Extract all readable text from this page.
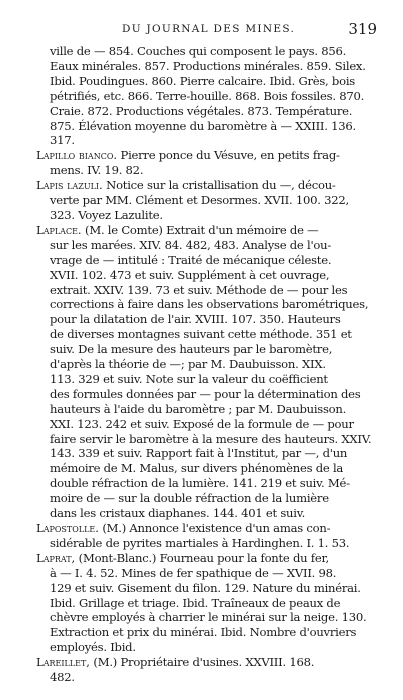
DU JOURNAL DES MINES.	319
ville de — 854. Couches qui composent le pays. 856.
Eaux minérales. 857. Productions minérales. 859. Silex.
Ibid. Poudingues. 860. Pierre calcaire. Ibid. Grès, bois
pétrifiés, etc. 866. Terre-houille. 868. Bois fossiles. 870.
Craie. 872. Productions végétales. 873. Température.
875. Élévation moyenne du baromètre à — XXIII. 136.
317.
Lapillo bianco. Pierre ponce du Vésuve, en petits frag-
mens. IV. 19. 82.
Lapis lazuli. Notice sur la cristallisation du —, décou-
verte par MM. Clément et Desormes. XVII. 100. 322,
323. Voyez Lazulite.
Laplace. (M. le Comte) Extrait d'un mémoire de —
sur les marées. XIV. 84. 482, 483. Analyse de l'ou-
vrage de — intitulé : Traité de mécanique céleste.
XVII. 102. 473 et suiv. Supplément à cet ouvrage,
extrait. XXIV. 139. 73 et suiv. Méthode de — pour les
corrections à faire dans les observations barométriques,
pour la dilatation de l'air. XVIII. 107. 350. Hauteurs
de diverses montagnes suivant cette méthode. 351 et
suiv. De la mesure des hauteurs par le baromètre,
d'après la théorie de —; par M. Daubuisson. XIX.
113. 329 et suiv. Note sur la valeur du coëfficient
des formules données par — pour la détermination des
hauteurs à l'aide du baromètre ; par M. Daubuisson.
XXI. 123. 242 et suiv. Exposé de la formule de — pour
faire servir le baromètre à la mesure des hauteurs. XXIV.
143. 339 et suiv. Rapport fait à l'Institut, par —, d'un
mémoire de M. Malus, sur divers phénomènes de la
double réfraction de la lumière. 141. 219 et suiv. Mé-
moire de — sur la double réfraction de la lumière
dans les cristaux diaphanes. 144. 401 et suiv.
Lapostolle. (M.) Annonce l'existence d'un amas con-
sidérable de pyrites martiales à Hardinghen. I. 1. 53.
Laprat, (Mont-Blanc.) Fourneau pour la fonte du fer,
à — I. 4. 52. Mines de fer spathique de — XVII. 98.
129 et suiv. Gisement du filon. 129. Nature du minérai.
Ibid. Grillage et triage. Ibid. Traîneaux de peaux de
chèvre employés à charrier le minérai sur la neige. 130.
Extraction et prix du minérai. Ibid. Nombre d'ouvriers
employés. Ibid.
Lareillet, (M.) Propriétaire d'usines. XXVIII. 168.
482.
